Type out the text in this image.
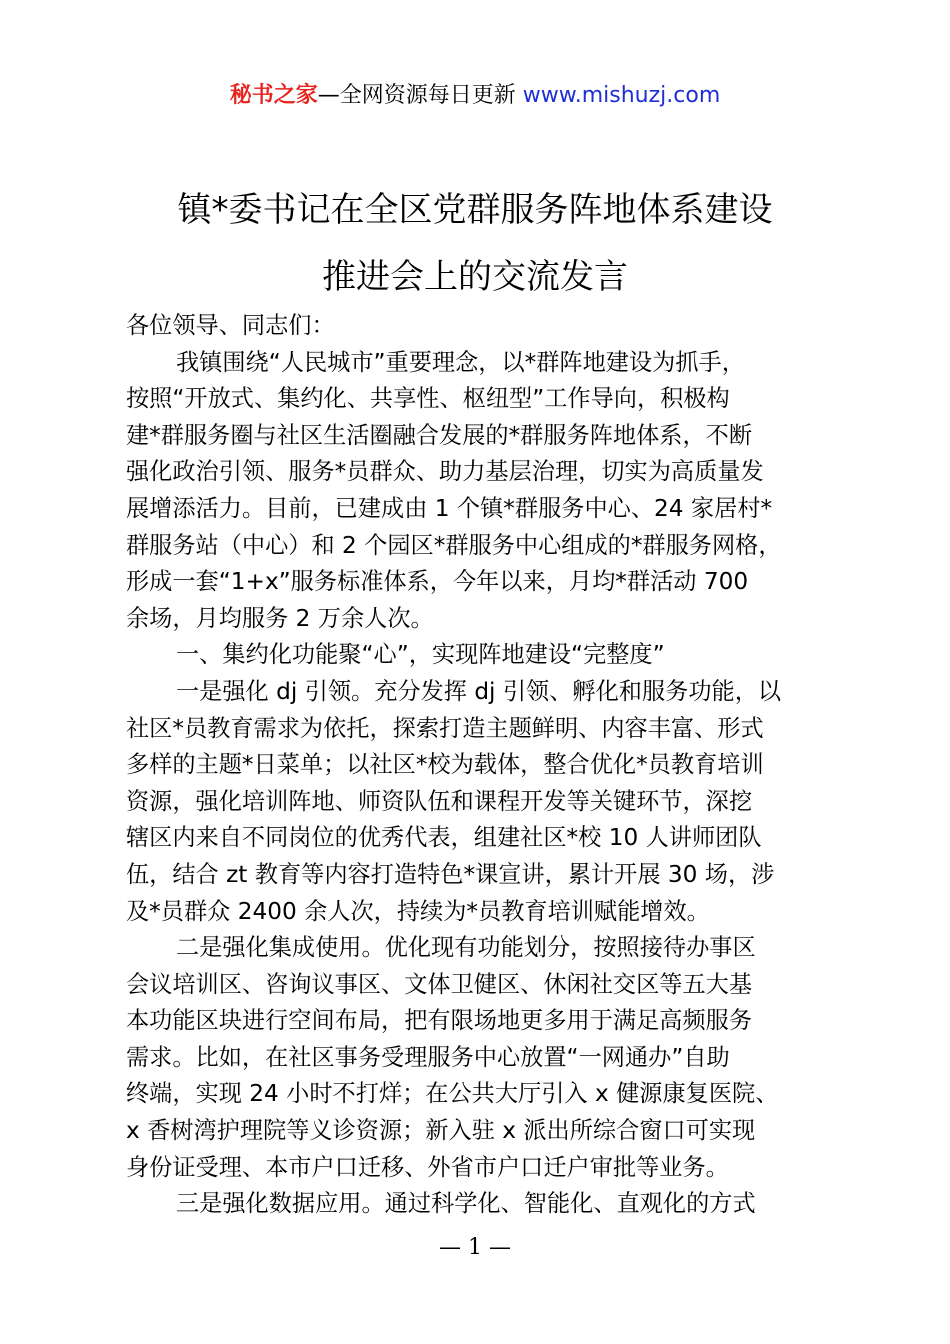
秘书之家—全网资源每日更新 www.mishuzj.com
镇*委书记在全区党群服务阵地体系建设
推进会上的交流发言
各位领导、同志们：
我镇围绕“人民城市”重要理念，以*群阵地建设为抓手，
按照“开放式、集约化、共享性、枢纽型”工作导向，积极构
建*群服务圈与社区生活圈融合发展的*群服务阵地体系，不断
强化政治引领、服务*员群众、助力基层治理，切实为高质量发
展增添活力。目前，已建成由 1 个镇*群服务中心、24 家居村*
群服务站（中心）和 2 个园区*群服务中心组成的*群服务网格，
形成一套“1+x”服务标准体系，今年以来，月均*群活动 700
余场，月均服务 2 万余人次。
一、集约化功能聚“心”，实现阵地建设“完整度”
一是强化 dj 引领。充分发挥 dj 引领、孵化和服务功能，以
社区*员教育需求为依托，探索打造主题鲜明、内容丰富、形式
多样的主题*日菜单；以社区*校为载体，整合优化*员教育培训
资源，强化培训阵地、师资队伍和课程开发等关键环节，深挖
辖区内来自不同岗位的优秀代表，组建社区*校 10 人讲师团队
伍，结合 zt 教育等内容打造特色*课宣讲，累计开展 30 场，涉
及*员群众 2400 余人次，持续为*员教育培训赋能增效。
二是强化集成使用。优化现有功能划分，按照接待办事区
会议培训区、咨询议事区、文体卫健区、休闲社交区等五大基
本功能区块进行空间布局，把有限场地更多用于满足高频服务
需求。比如，在社区事务受理服务中心放置“一网通办”自助
终端，实现 24 小时不打烊；在公共大厅引入 x 健源康复医院、
x 香树湾护理院等义诊资源；新入驻 x 派出所综合窗口可实现
身份证受理、本市户口迁移、外省市户口迁户审批等业务。
三是强化数据应用。通过科学化、智能化、直观化的方式
— 1 —
